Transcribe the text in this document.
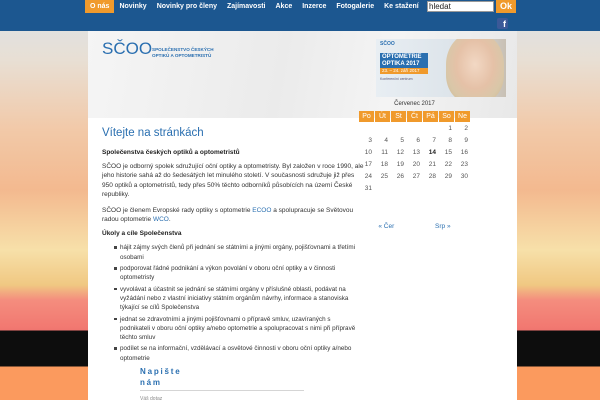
O nás	Novinky	Novinky pro členy	Zajímavosti	Akce	Inzerce	Fotogalerie	Ke stažení
hledat	Ok
f
SČOO SPOLEČENSTVO ČESKÝCH
OPTIKŮ A OPTOMETRISTŮ
SČOO
OPTOMETRIE
OPTIKA 2017
23. – 24. září 2017
Konferenční centrum
Vítejte na stránkách
Společenstva českých optiků a optometristů

SČOO je odborný spolek sdružující oční optiky a optometristy. Byl založen v roce 1990, ale jeho historie sahá až do šedesátých let minulého století. V současnosti sdružuje již přes 950 optiků a optometristů, tedy přes 50% těchto odborníků působících na území České republiky.

SČOO je členem Evropské rady optiky s optometrie ECOO a spolupracuje se Světovou radou optometrie WCO.

Úkoly a cíle Společenstva
hájit zájmy svých členů při jednání se státními a jinými orgány, pojišťovnami a třetími osobami
podporovat řádné podnikání a výkon povolání v oboru oční optiky a v činnosti optometristy
vyvolávat a účastnit se jednání se státními orgány v příslušné oblasti, podávat na vyžádání nebo z vlastní iniciativy státním orgánům návrhy, informace a stanoviska týkající se cílů Společenstva
jednat se zdravotními a jinými pojišťovnami o přípravě smluv, uzavíraných s podnikateli v oboru oční optiky a/nebo optometrie a spolupracovat s nimi při přípravě těchto smluv
podílet se na informační, vzdělávací a osvětové činnosti v oboru oční optiky a/nebo optometrie
Napište
nám
Váš dotaz
Červenec 2017
Po	Út	St	Čt	Pá	So	Ne
					1	2
3	4	5	6	7	8	9
10	11	12	13	14	15	16
17	18	19	20	21	22	23
24	25	26	27	28	29	30
31						
« Čer	Srp »
